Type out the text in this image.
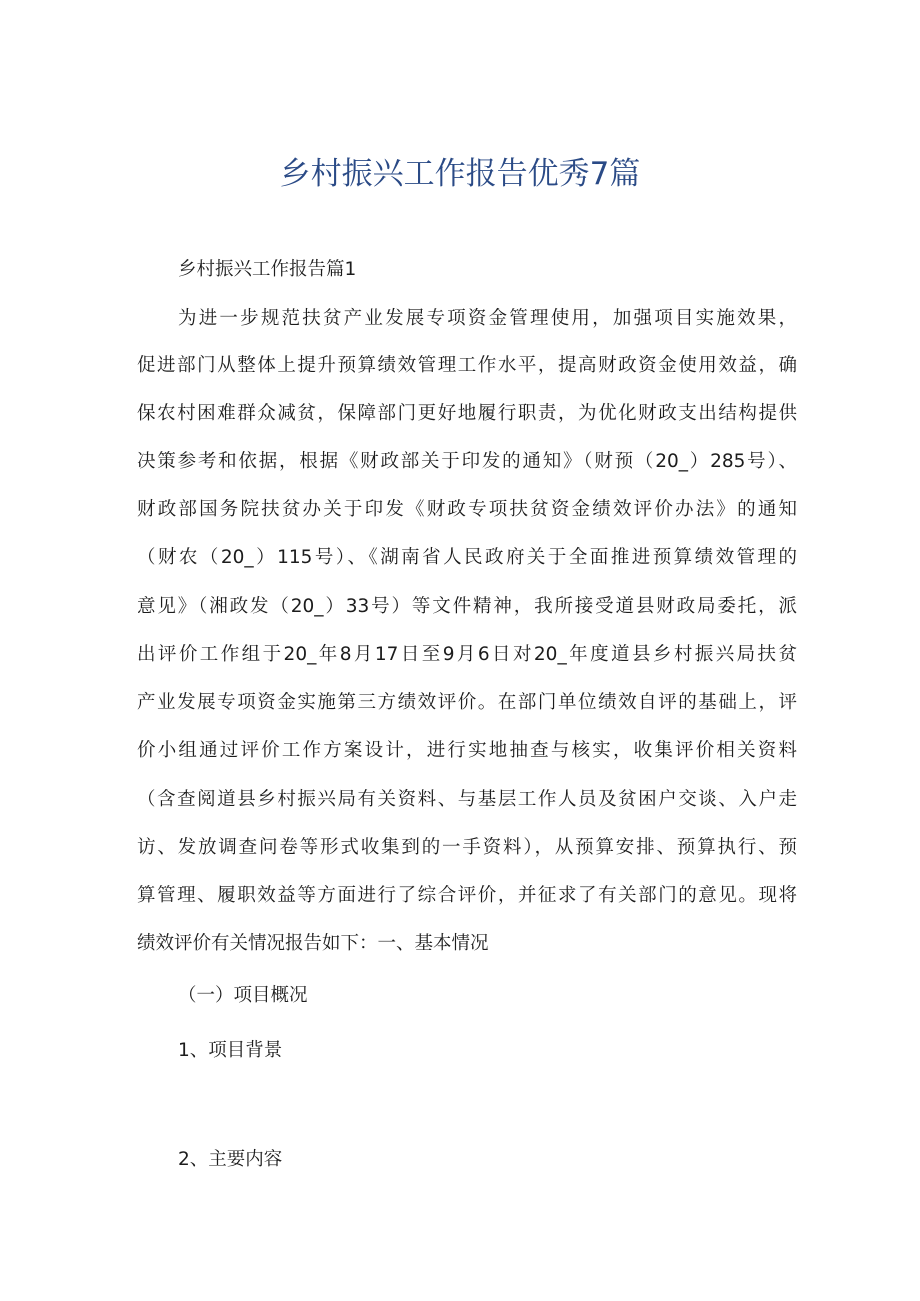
乡村振兴工作报告优秀7篇
乡村振兴工作报告篇1
为进一步规范扶贫产业发展专项资金管理使用，加强项目实施效果，
促进部门从整体上提升预算绩效管理工作水平，提高财政资金使用效益，确
保农村困难群众减贫，保障部门更好地履行职责，为优化财政支出结构提供
决策参考和依据，根据《财政部关于印发的通知》（财预（20_）285号）、
财政部国务院扶贫办关于印发《财政专项扶贫资金绩效评价办法》的通知
（财农（20_）115号）、《湖南省人民政府关于全面推进预算绩效管理的
意见》（湘政发（20_）33号）等文件精神，我所接受道县财政局委托，派
出评价工作组于20_年8月17日至9月6日对20_年度道县乡村振兴局扶贫
产业发展专项资金实施第三方绩效评价。在部门单位绩效自评的基础上，评
价小组通过评价工作方案设计，进行实地抽查与核实，收集评价相关资料
（含查阅道县乡村振兴局有关资料、与基层工作人员及贫困户交谈、入户走
访、发放调查问卷等形式收集到的一手资料），从预算安排、预算执行、预
算管理、履职效益等方面进行了综合评价，并征求了有关部门的意见。现将
绩效评价有关情况报告如下：一、基本情况
（一）项目概况
1、项目背景
2、主要内容
